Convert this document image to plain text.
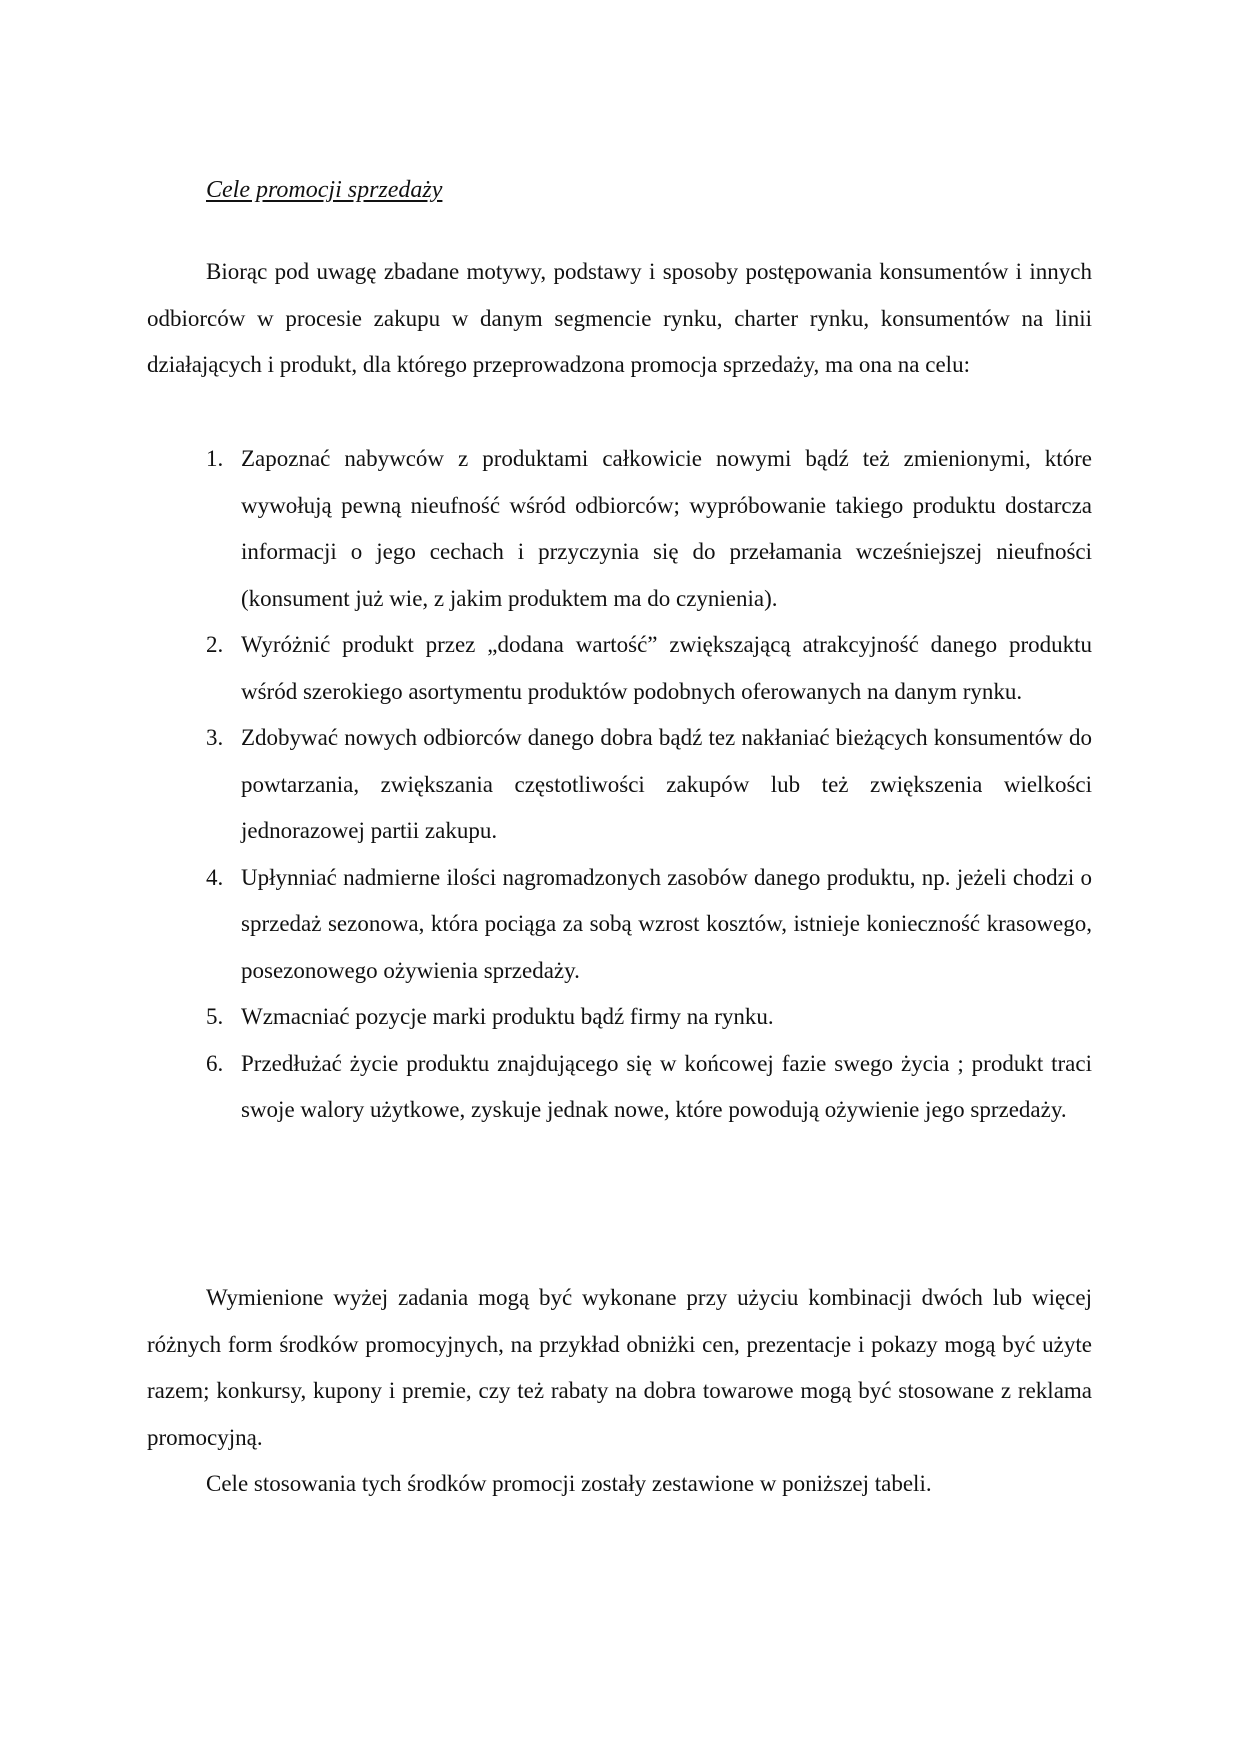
Cele promocji sprzedaży

Biorąc pod uwagę zbadane motywy, podstawy i sposoby postępowania konsumentów i innych odbiorców w procesie zakupu w danym segmencie rynku, charter rynku, konsumentów na linii działających i produkt, dla którego przeprowadzona promocja sprzedaży, ma ona na celu:

1. Zapoznać nabywców z produktami całkowicie nowymi bądź też zmienionymi, które wywołują pewną nieufność wśród odbiorców; wypróbowanie takiego produktu dostarcza informacji o jego cechach i przyczynia się do przełamania wcześniejszej nieufności (konsument już wie, z jakim produktem ma do czynienia).
2. Wyróżnić produkt przez „dodana wartość” zwiększającą atrakcyjność danego produktu wśród szerokiego asortymentu produktów podobnych oferowanych na danym rynku.
3. Zdobywać nowych odbiorców danego dobra bądź tez nakłaniać bieżących konsumentów do powtarzania, zwiększania częstotliwości zakupów lub też zwiększenia wielkości jednorazowej partii zakupu.
4. Upłynniać nadmierne ilości nagromadzonych zasobów danego produktu, np. jeżeli chodzi o sprzedaż sezonowa, która pociąga za sobą wzrost kosztów, istnieje konieczność krasowego, posezonowego ożywienia sprzedaży.
5. Wzmacniać pozycje marki produktu bądź firmy na rynku.
6. Przedłużać życie produktu znajdującego się w końcowej fazie swego życia ; produkt traci swoje walory użytkowe, zyskuje jednak nowe, które powodują ożywienie jego sprzedaży.

Wymienione wyżej zadania mogą być wykonane przy użyciu kombinacji dwóch lub więcej różnych form środków promocyjnych, na przykład obniżki cen, prezentacje i pokazy mogą być użyte razem; konkursy, kupony i premie, czy też rabaty na dobra towarowe mogą być stosowane z reklama promocyjną.

Cele stosowania tych środków promocji zostały zestawione w poniższej tabeli.
